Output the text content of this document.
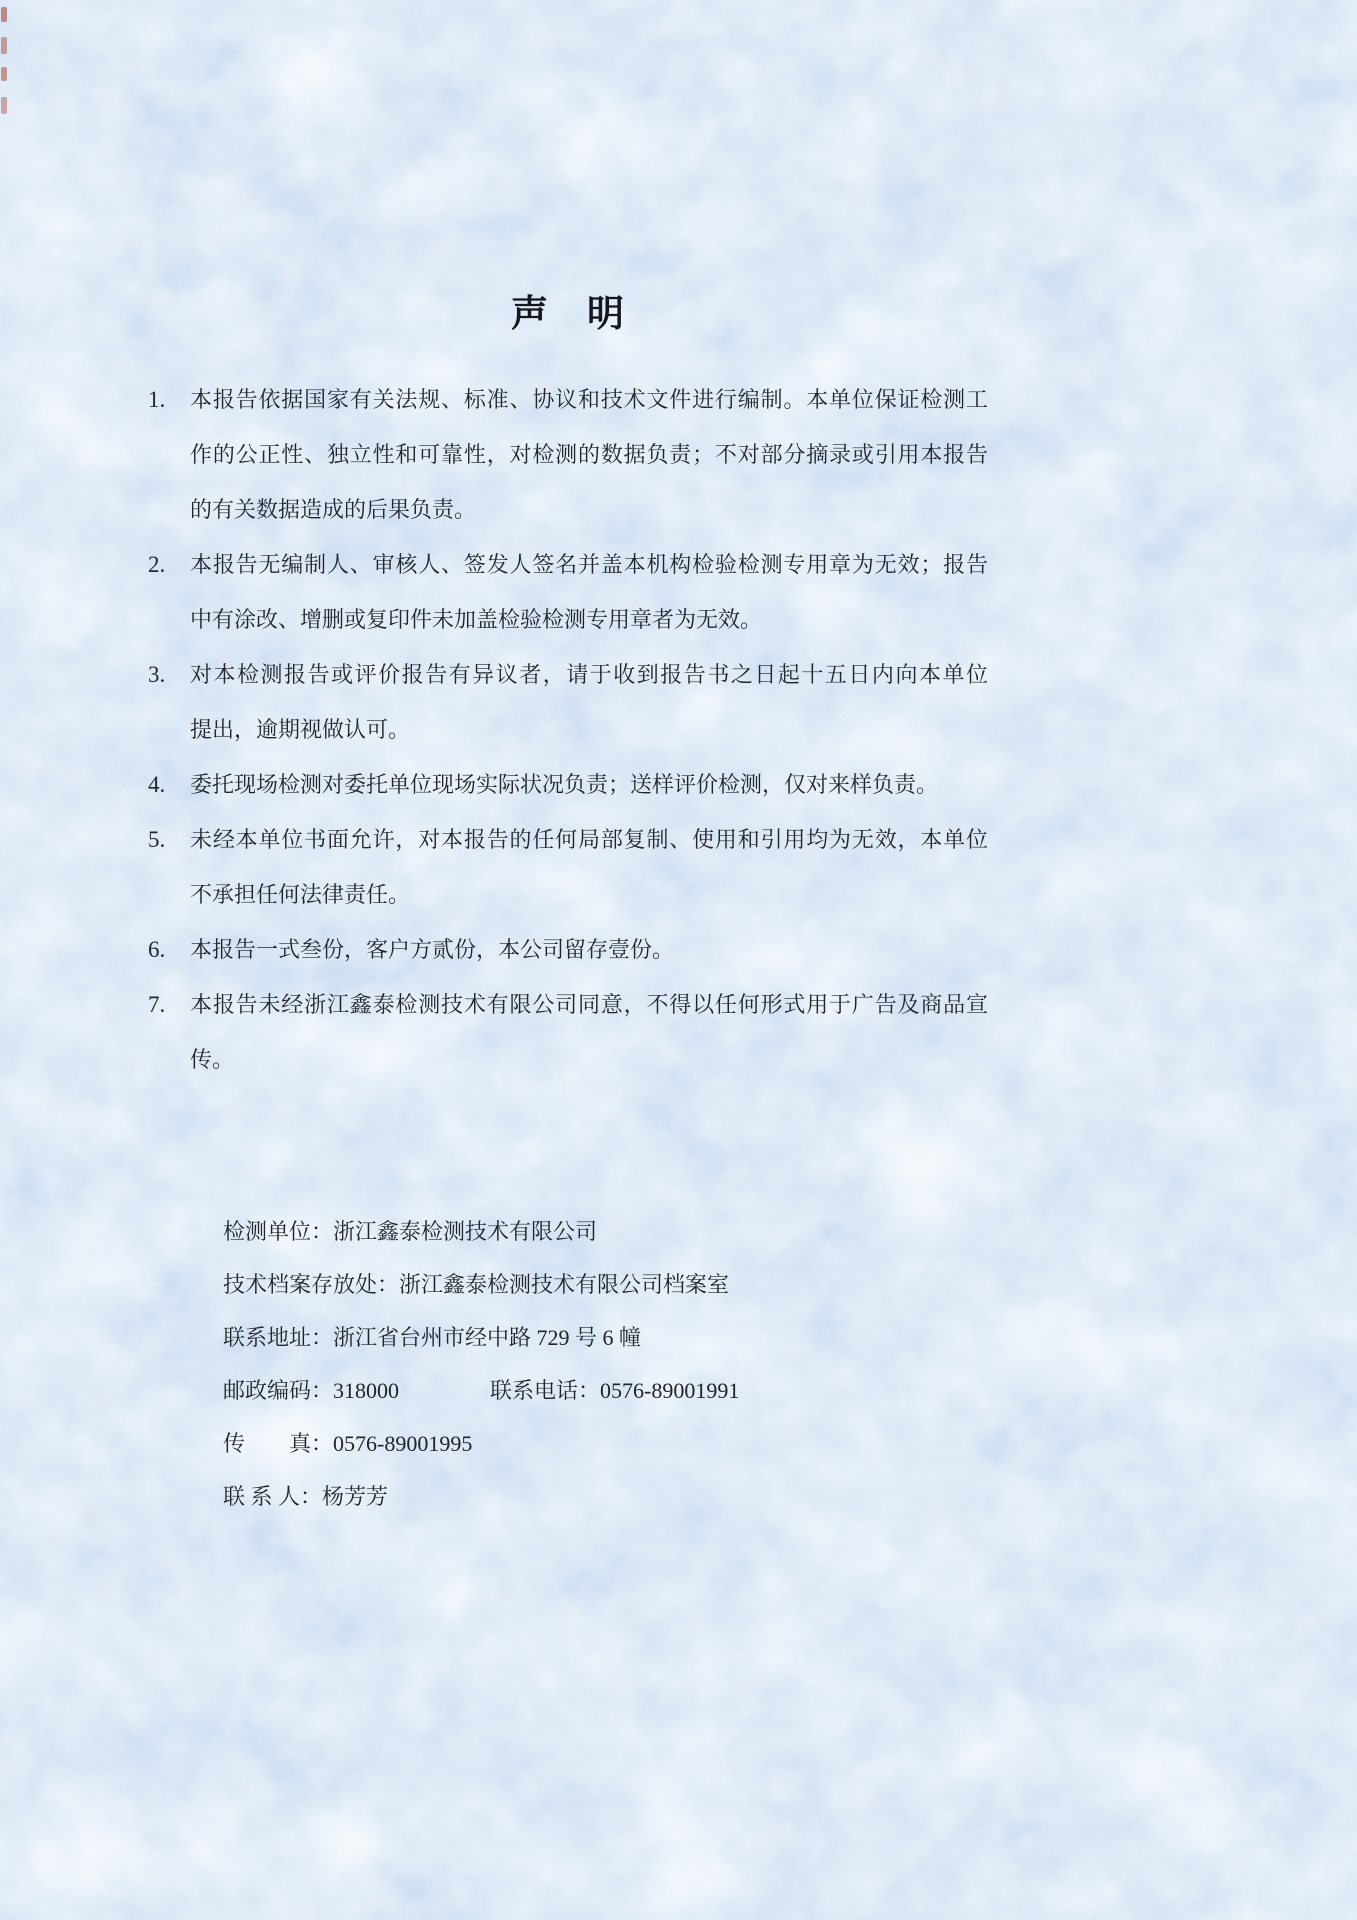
声　明
1.	本报告依据国家有关法规、标准、协议和技术文件进行编制。本单位保证检测工
作的公正性、独立性和可靠性，对检测的数据负责；不对部分摘录或引用本报告
的有关数据造成的后果负责。
2.	本报告无编制人、审核人、签发人签名并盖本机构检验检测专用章为无效；报告
中有涂改、增删或复印件未加盖检验检测专用章者为无效。
3.	对本检测报告或评价报告有异议者，请于收到报告书之日起十五日内向本单位
提出，逾期视做认可。
4.	委托现场检测对委托单位现场实际状况负责；送样评价检测，仅对来样负责。
5.	未经本单位书面允许，对本报告的任何局部复制、使用和引用均为无效，本单位
不承担任何法律责任。
6.	本报告一式叁份，客户方贰份，本公司留存壹份。
7.	本报告未经浙江鑫泰检测技术有限公司同意，不得以任何形式用于广告及商品宣
传。
检测单位：浙江鑫泰检测技术有限公司
技术档案存放处：浙江鑫泰检测技术有限公司档案室
联系地址：浙江省台州市经中路 729 号 6 幢
邮政编码：318000	联系电话：0576-89001991
传　　真：0576-89001995
联 系 人：杨芳芳
